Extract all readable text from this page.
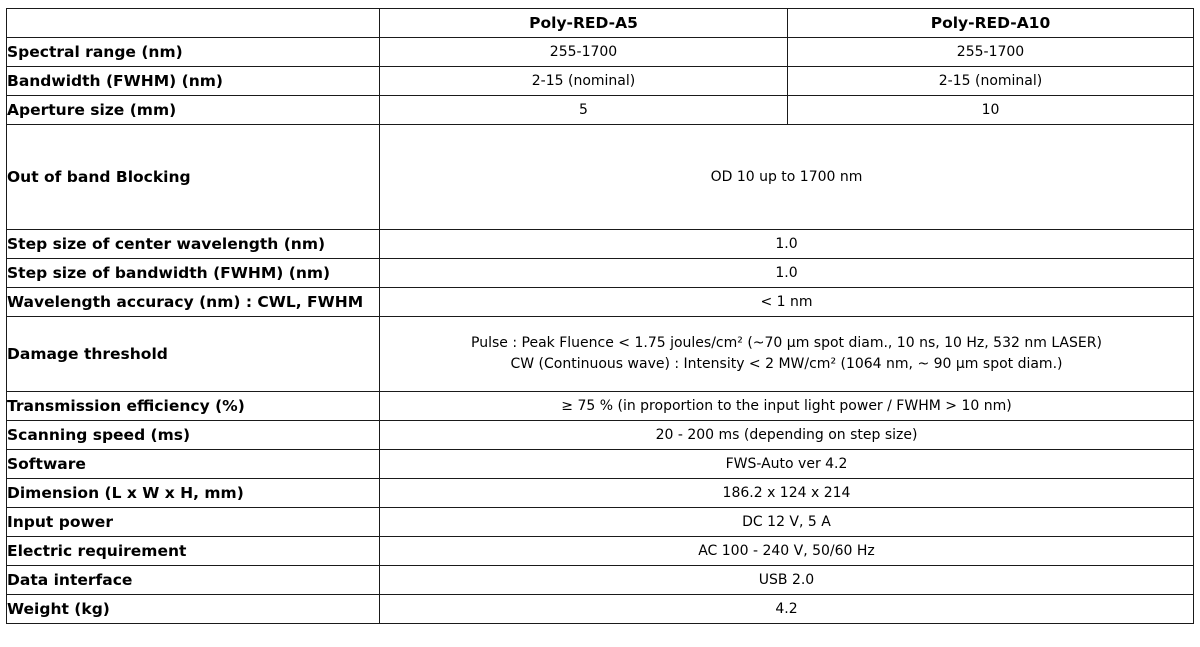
	Poly-RED-A5	Poly-RED-A10
Spectral range (nm)	255-1700	255-1700
Bandwidth (FWHM) (nm)	2-15 (nominal)	2-15 (nominal)
Aperture size (mm)	5	10
Out of band Blocking	OD 10 up to 1700 nm	
Step size of center wavelength (nm)	1.0	
Step size of bandwidth (FWHM) (nm)	1.0	
Wavelength accuracy (nm) : CWL, FWHM	< 1 nm	
Damage threshold	Pulse : Peak Fluence < 1.75 joules/cm² (~70 μm spot diam., 10 ns, 10 Hz, 532 nm LASER)
CW (Continuous wave) : Intensity < 2 MW/cm² (1064 nm, ~ 90 μm spot diam.)	

Transmission efficiency (%)	≥ 75 % (in proportion to the input light power / FWHM > 10 nm)	
Scanning speed (ms)	20 - 200 ms (depending on step size)	
Software	FWS-Auto ver 4.2	
Dimension (L x W x H, mm)	186.2 x 124 x 214	
Input power	DC 12 V, 5 A	
Electric requirement	AC 100 - 240 V, 50/60 Hz	
Data interface	USB 2.0	
Weight (kg)	4.2	
